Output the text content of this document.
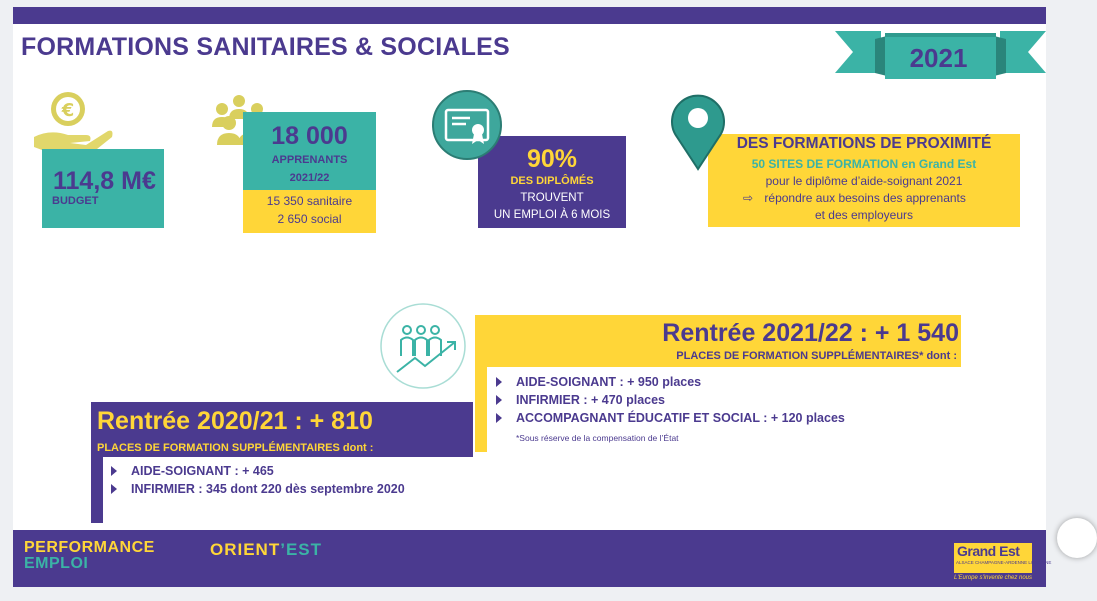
FORMATIONS SANITAIRES & SOCIALES	2021
€
114,8 M€
BUDGET
18 000
APPRENANTS
2021/22
15 350 sanitaire
2 650 social
90%
DES DIPLÔMÉS
TROUVENT
UN EMPLOI À 6 MOIS
DES FORMATIONS DE PROXIMITÉ
50 SITES DE FORMATION en Grand Est
pour le diplôme d’aide-soignant 2021
⇨ répondre aux besoins des apprenants
et des employeurs
Rentrée 2021/22 : + 1 540
PLACES DE FORMATION SUPPLÉMENTAIRES* dont :
AIDE-SOIGNANT : + 950 places
INFIRMIER : + 470 places
ACCOMPAGNANT ÉDUCATIF ET SOCIAL : + 120 places
*Sous réserve de la compensation de l’État
Rentrée 2020/21 : + 810
PLACES DE FORMATION SUPPLÉMENTAIRES dont :
AIDE-SOIGNANT : + 465
INFIRMIER : 345 dont 220 dès septembre 2020
PERFORMANCE
EMPLOI
ORIENT’EST	Grand Est
ALSACE CHAMPAGNE-ARDENNE LORRAINE
L'Europe s'invente chez nous
